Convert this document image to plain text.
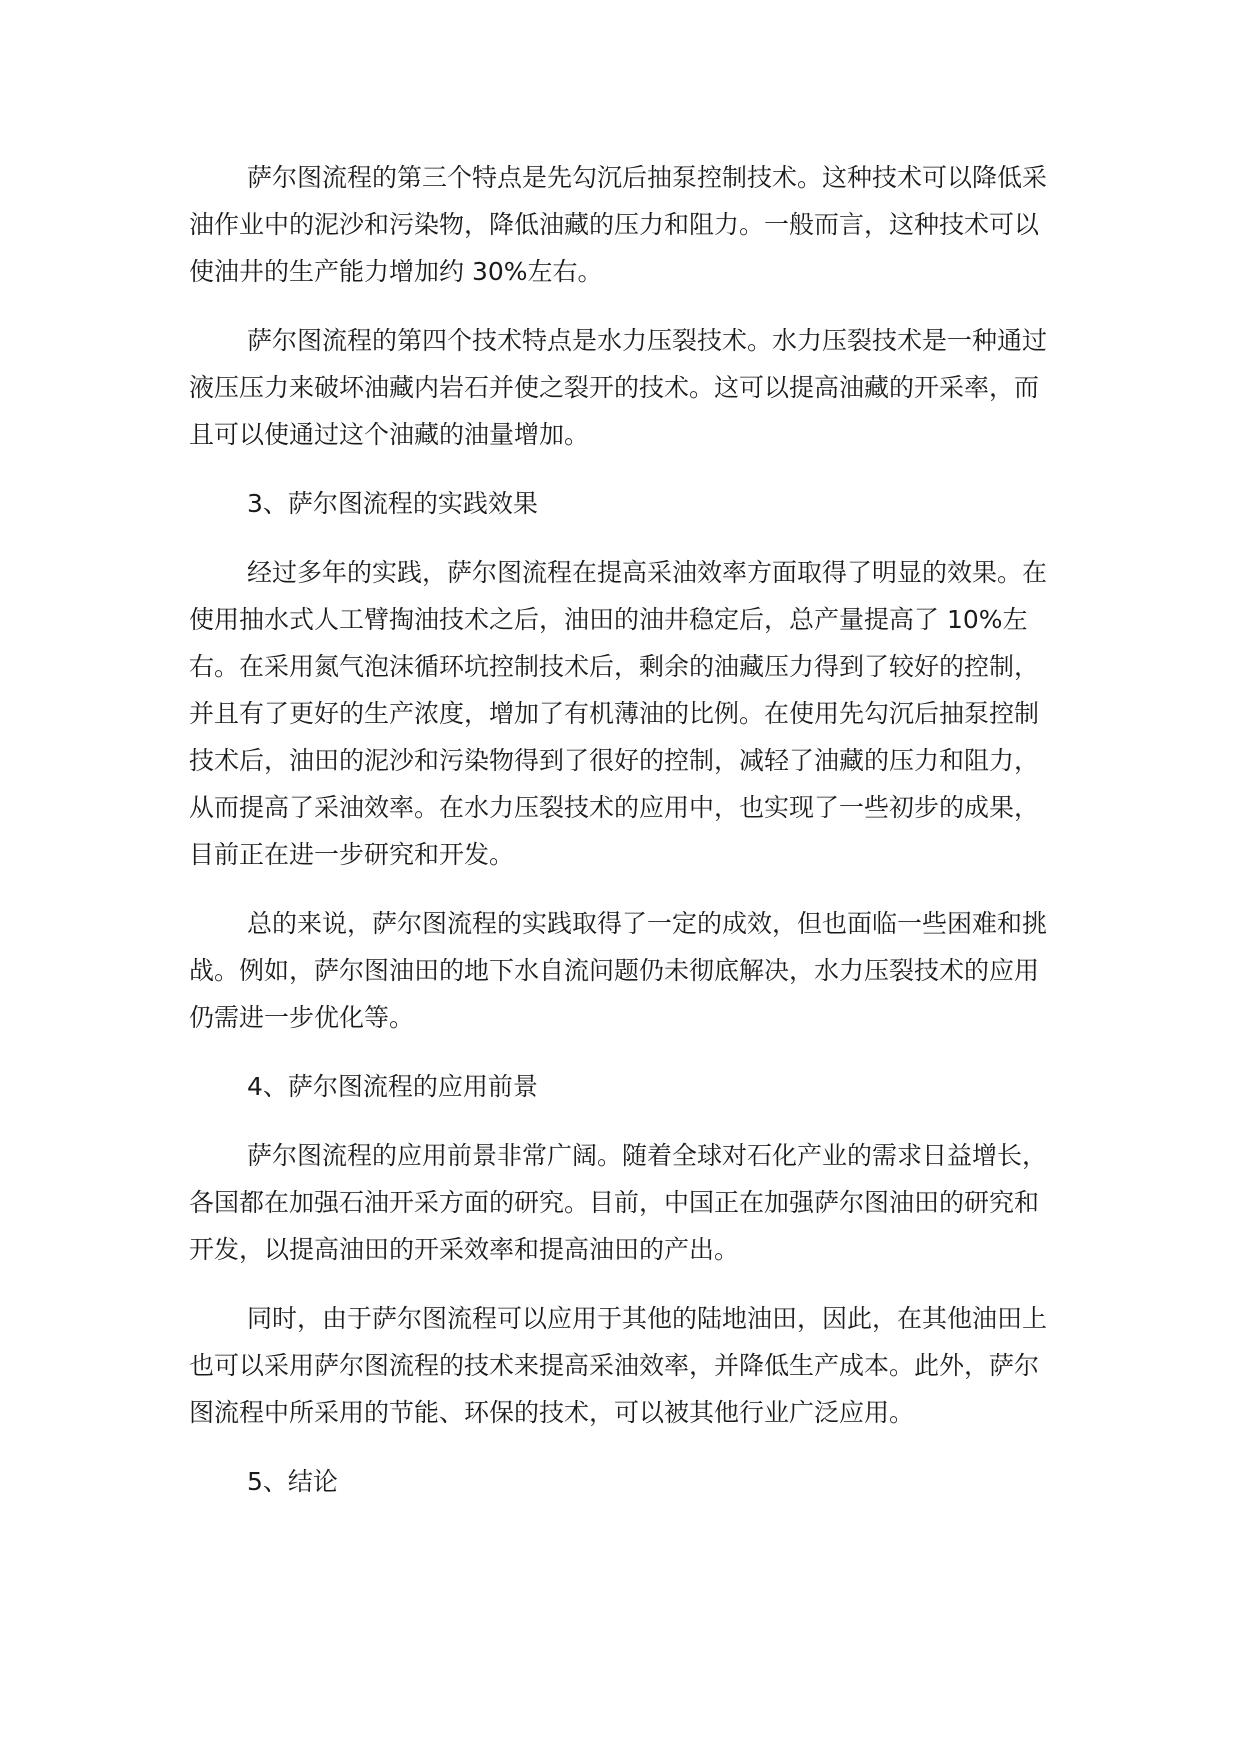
萨尔图流程的第三个特点是先勾沉后抽泵控制技术。这种技术可以降低采油作业中的泥沙和污染物，降低油藏的压力和阻力。一般而言，这种技术可以使油井的生产能力增加约 30%左右。

萨尔图流程的第四个技术特点是水力压裂技术。水力压裂技术是一种通过液压压力来破坏油藏内岩石并使之裂开的技术。这可以提高油藏的开采率，而且可以使通过这个油藏的油量增加。

3、萨尔图流程的实践效果

经过多年的实践，萨尔图流程在提高采油效率方面取得了明显的效果。在使用抽水式人工臂掏油技术之后，油田的油井稳定后，总产量提高了 10%左右。在采用氮气泡沫循环坑控制技术后，剩余的油藏压力得到了较好的控制，并且有了更好的生产浓度，增加了有机薄油的比例。在使用先勾沉后抽泵控制技术后，油田的泥沙和污染物得到了很好的控制，减轻了油藏的压力和阻力，从而提高了采油效率。在水力压裂技术的应用中，也实现了一些初步的成果，目前正在进一步研究和开发。

总的来说，萨尔图流程的实践取得了一定的成效，但也面临一些困难和挑战。例如，萨尔图油田的地下水自流问题仍未彻底解决，水力压裂技术的应用仍需进一步优化等。

4、萨尔图流程的应用前景

萨尔图流程的应用前景非常广阔。随着全球对石化产业的需求日益增长，各国都在加强石油开采方面的研究。目前，中国正在加强萨尔图油田的研究和开发，以提高油田的开采效率和提高油田的产出。

同时，由于萨尔图流程可以应用于其他的陆地油田，因此，在其他油田上也可以采用萨尔图流程的技术来提高采油效率，并降低生产成本。此外，萨尔图流程中所采用的节能、环保的技术，可以被其他行业广泛应用。

5、结论
